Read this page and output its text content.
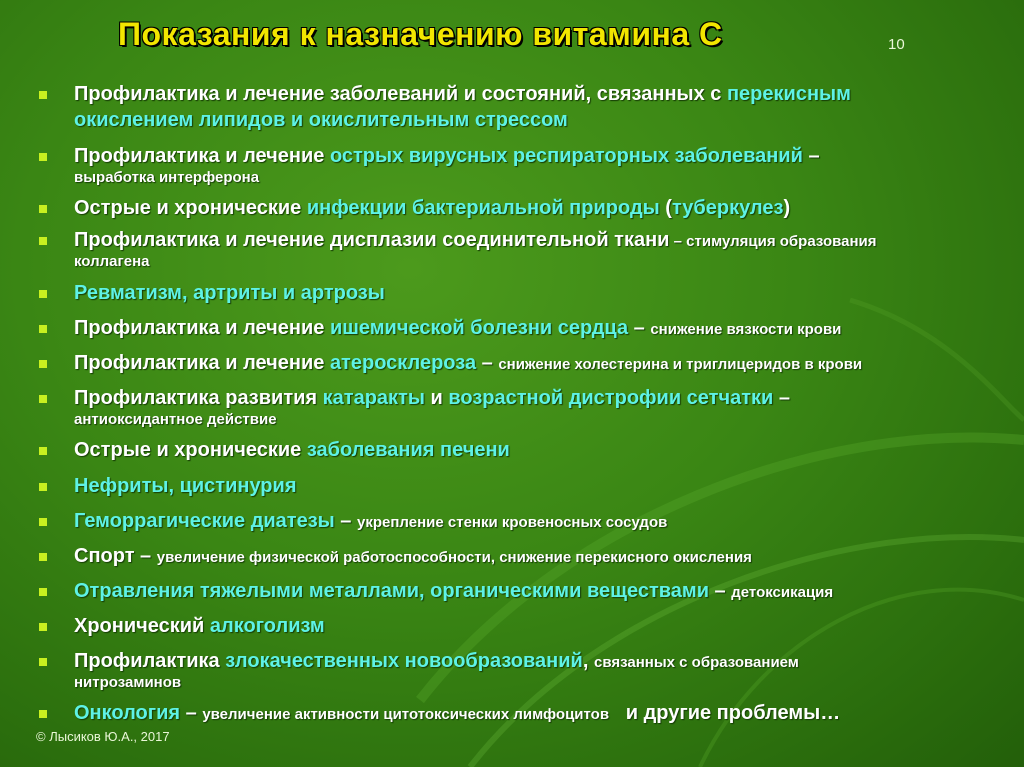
Показания к назначению витамина С	10
Профилактика и лечение заболеваний и состояний, связанных с перекисным
окислением липидов и окислительным стрессом
Профилактика и лечение острых вирусных респираторных заболеваний –
выработка интерферона
Острые и хронические инфекции бактериальной природы (туберкулез)
Профилактика и лечение дисплазии соединительной ткани – стимуляция образования
коллагена
Ревматизм, артриты и артрозы
Профилактика и лечение ишемической болезни сердца – снижение вязкости крови
Профилактика и лечение атеросклероза – снижение холестерина и триглицеридов в крови
Профилактика развития катаракты и возрастной дистрофии сетчатки –
антиоксидантное действие
Острые и хронические заболевания печени
Нефриты, цистинурия
Геморрагические диатезы – укрепление стенки кровеносных сосудов
Спорт – увеличение физической работоспособности, снижение перекисного окисления
Отравления тяжелыми металлами, органическими веществами – детоксикация
Хронический алкоголизм
Профилактика злокачественных новообразований, связанных с образованием
нитрозаминов
Онкология – увеличение активности цитотоксических лимфоцитов   и другие проблемы…
© Лысиков Ю.А., 2017
